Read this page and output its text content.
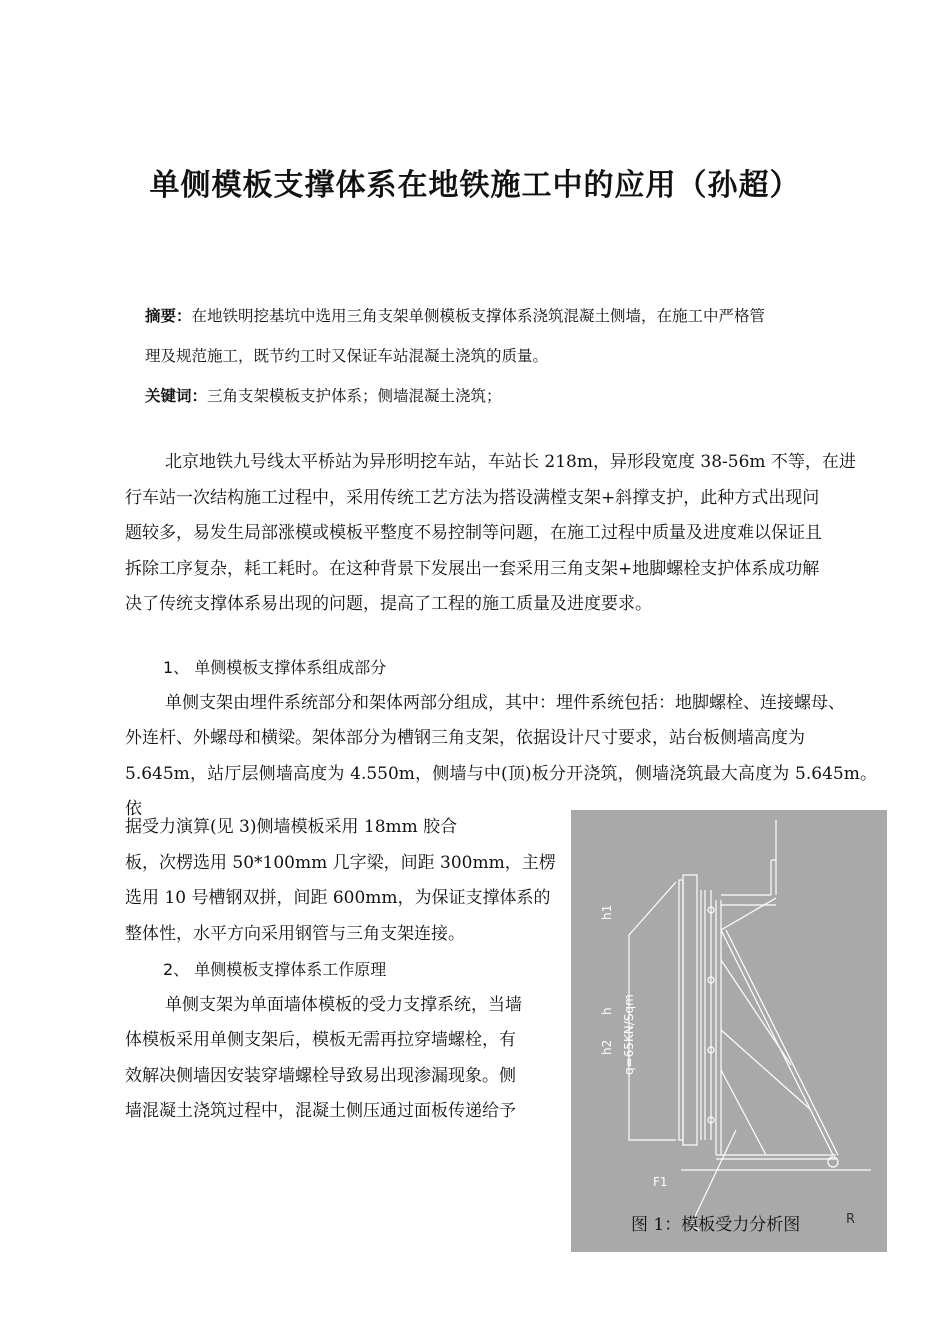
单侧模板支撑体系在地铁施工中的应用（孙超）

摘要：在地铁明挖基坑中选用三角支架单侧模板支撑体系浇筑混凝土侧墙，在施工中严格管

理及规范施工，既节约工时又保证车站混凝土浇筑的质量。

关键词：三角支架模板支护体系；侧墙混凝土浇筑；

北京地铁九号线太平桥站为异形明挖车站，车站长 218m，异形段宽度 38-56m 不等，在进

行车站一次结构施工过程中，采用传统工艺方法为搭设满樘支架+斜撑支护，此种方式出现问

题较多，易发生局部涨模或模板平整度不易控制等问题，在施工过程中质量及进度难以保证且

拆除工序复杂，耗工耗时。在这种背景下发展出一套采用三角支架+地脚螺栓支护体系成功解

决了传统支撑体系易出现的问题，提高了工程的施工质量及进度要求。

1、 单侧模板支撑体系组成部分

单侧支架由埋件系统部分和架体两部分组成，其中：埋件系统包括：地脚螺栓、连接螺母、

外连杆、外螺母和横梁。架体部分为槽钢三角支架，依据设计尺寸要求，站台板侧墙高度为

5.645m，站厅层侧墙高度为 4.550m，侧墙与中(顶)板分开浇筑，侧墙浇筑最大高度为 5.645m。依

据受力演算(见 3)侧墙模板采用 18mm 胶合

板，次楞选用 50*100mm 几字梁，间距 300mm，主楞

选用 10 号槽钢双拼，间距 600mm，为保证支撑体系的

整体性，水平方向采用钢管与三角支架连接。

2、 单侧模板支撑体系工作原理

单侧支架为单面墙体模板的受力支撑系统，当墙

体模板采用单侧支架后，模板无需再拉穿墙螺栓，有

效解决侧墙因安装穿墙螺栓导致易出现渗漏现象。侧

墙混凝土浇筑过程中，混凝土侧压通过面板传递给予

h1
h
h2 q=65KN/Sqm
F1
图 1：模板受力分析图	R
